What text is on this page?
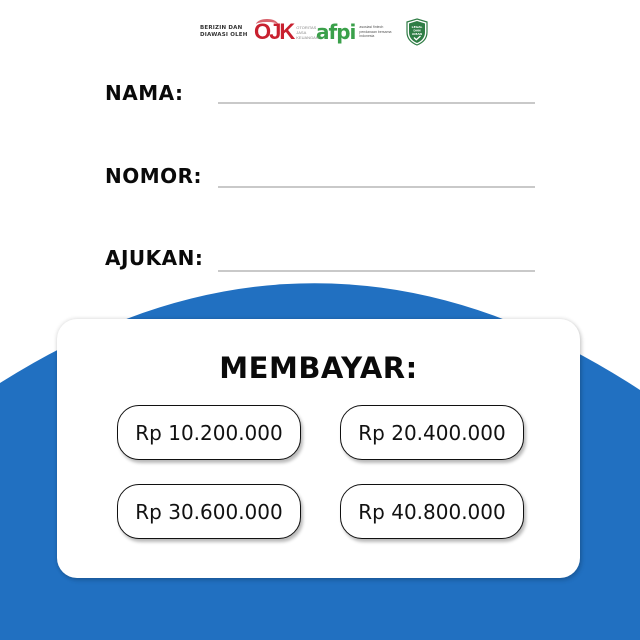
BERIZIN DAN
DIAWASI OLEH OJK OTORITAS
JASA
KEUANGAN
afpi asosiasi fintech
pendanaan bersama
indonesia
LEGAL
DAN
AMAN
NAMA:
NOMOR:
AJUKAN:
MEMBAYAR:
Rp 10.200.000	Rp 20.400.000
Rp 30.600.000	Rp 40.800.000
